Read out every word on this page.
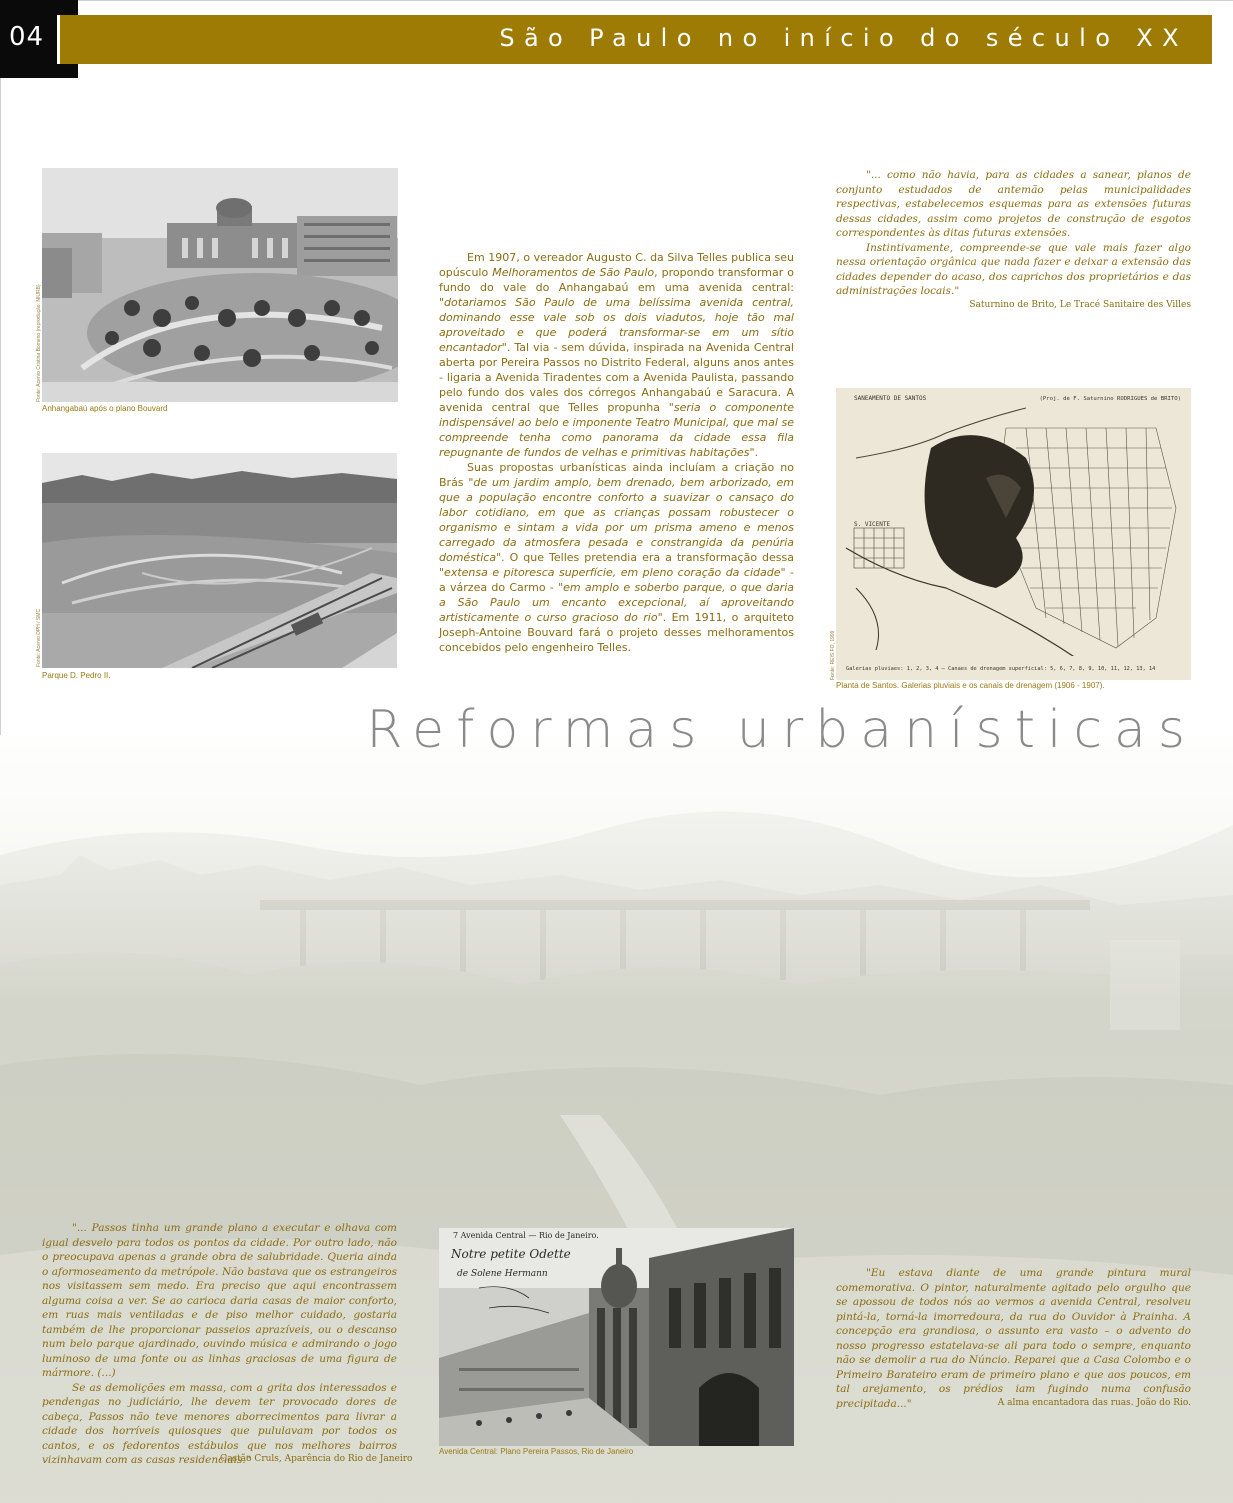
04	São Paulo no início do século XX
Fonte: Acervo Cristina Bomeno (reprodução: NIURB)
Anhangabaú após o plano Bouvard
Fonte: Acervo DPH / SMC
Parque D. Pedro II.

Em 1907, o vereador Augusto C. da Silva Telles publica seu opúsculo Melhoramentos de São Paulo, propondo transformar o fundo do vale do Anhangabaú em uma avenida central: "dotariamos São Paulo de uma belíssima avenida central, dominando esse vale sob os dois viadutos, hoje tão mal aproveitado e que poderá transformar-se em um sítio encantador". Tal via - sem dúvida, inspirada na Avenida Central aberta por Pereira Passos no Distrito Federal, alguns anos antes - ligaria a Avenida Tiradentes com a Avenida Paulista, passando pelo fundo dos vales dos córregos Anhangabaú e Saracura. A avenida central que Telles propunha "seria o componente indispensável ao belo e imponente Teatro Municipal, que mal se compreende tenha como panorama da cidade essa fila repugnante de fundos de velhas e primitivas habitações".

Suas propostas urbanísticas ainda incluíam a criação no Brás "de um jardim amplo, bem drenado, bem arborizado, em que a população encontre conforto a suavizar o cansaço do labor cotidiano, em que as crianças possam robustecer o organismo e sintam a vida por um prisma ameno e menos carregado da atmosfera pesada e constrangida da penúria doméstica". O que Telles pretendia era a transformação dessa "extensa e pitoresca superfície, em pleno coração da cidade" - a várzea do Carmo - "em amplo e soberbo parque, o que daria a São Paulo um encanto excepcional, aí aproveitando artisticamente o curso gracioso do rio". Em 1911, o arquiteto Joseph-Antoine Bouvard fará o projeto desses melhoramentos concebidos pelo engenheiro Telles.

"... como não havia, para as cidades a sanear, planos de conjunto estudados de antemão pelas municipalidades respectivas, estabelecemos esquemas para as extensões futuras dessas cidades, assim como projetos de construção de esgotos correspondentes às ditas futuras extensões.

Instintivamente, compreende-se que vale mais fazer algo nessa orientação orgânica que nada fazer e deixar a extensão das cidades depender do acaso, dos caprichos dos proprietários e das administrações locais."

Saturnino de Brito, Le Tracé Sanitaire des Villes
SANEAMENTO DE SANTOS	(Proj. de F. Saturnino RODRIGUES de BRITO)
S. VICENTE
Galerias pluviaes: 1, 2, 3, 4 — Canaes de drenagem superficial: 5, 6, 7, 8, 9, 10, 11, 12, 13, 14
Fonte: REIS FO, 1999
Planta de Santos. Galerias pluviais e os canais de drenagem (1906 - 1907).
Reformas urbanísticas

"... Passos tinha um grande plano a executar e olhava com igual desvelo para todos os pontos da cidade. Por outro lado, não o preocupava apenas a grande obra de salubridade. Queria ainda o aformoseamento da metrópole. Não bastava que os estrangeiros nos visitassem sem medo. Era preciso que aqui encontrassem alguma coisa a ver. Se ao carioca daria casas de maior conforto, em ruas mais ventiladas e de piso melhor cuidado, gostaria também de lhe proporcionar passeios aprazíveis, ou o descanso num belo parque ajardinado, ouvindo música e admirando o jogo luminoso de uma fonte ou as linhas graciosas de uma figura de mármore. (...)

Se as demolições em massa, com a grita dos interessados e pendengas no judiciário, lhe devem ter provocado dores de cabeça, Passos não teve menores aborrecimentos para livrar a cidade dos horríveis quiosques que pululavam por todos os cantos, e os fedorentos estábulos que nos melhores bairros vizinhavam com as casas residenciais."

Gastão Cruls, Aparência do Rio de Janeiro
7 Avenida Central — Rio de Janeiro.
Notre petite Odette
de Solene Hermann
Avenida Central: Plano Pereira Passos, Rio de Janeiro

"Eu estava diante de uma grande pintura mural comemorativa. O pintor, naturalmente agitado pelo orgulho que se apossou de todos nós ao vermos a avenida Central, resolveu pintá-la, torná-la imorredoura, da rua do Ouvidor à Prainha. A concepção era grandiosa, o assunto era vasto – o advento do nosso progresso estatelava-se ali para todo o sempre, enquanto não se demolir a rua do Núncio. Reparei que a Casa Colombo e o Primeiro Barateiro eram de primeiro plano e que aos poucos, em tal arejamento, os prédios iam fugindo numa confusão precipitada..."	A alma encantadora das ruas. João do Rio.
